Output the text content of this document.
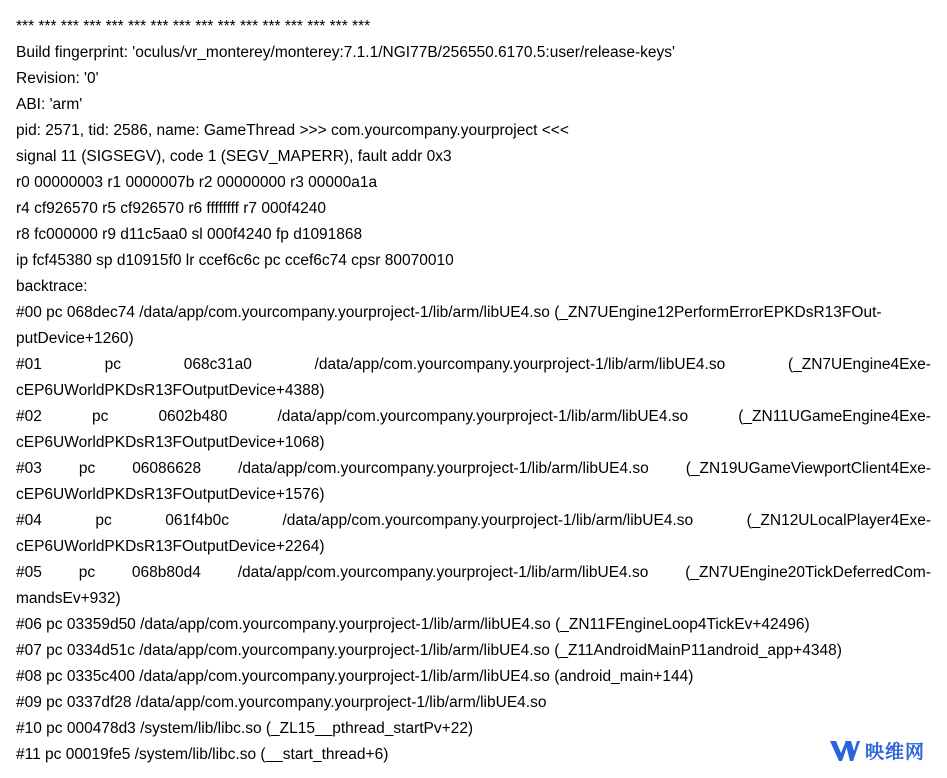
*** *** *** *** *** *** *** *** *** *** *** *** *** *** *** ***
Build fingerprint: 'oculus/vr_monterey/monterey:7.1.1/NGI77B/256550.6170.5:user/release-keys'
Revision: '0'
ABI: 'arm'
pid: 2571, tid: 2586, name: GameThread >>> com.yourcompany.yourproject <<<
signal 11 (SIGSEGV), code 1 (SEGV_MAPERR), fault addr 0x3
r0 00000003 r1 0000007b r2 00000000 r3 00000a1a
r4 cf926570 r5 cf926570 r6 ffffffff r7 000f4240
r8 fc000000 r9 d11c5aa0 sl 000f4240 fp d1091868
ip fcf45380 sp d10915f0 lr ccef6c6c pc ccef6c74 cpsr 80070010
backtrace:
#00 pc 068dec74 /data/app/com.yourcompany.yourproject-1/lib/arm/libUE4.so (_ZN7UEngine12PerformErrorEPKDsR13FOut-
putDevice+1260)
#01	pc	068c31a0	/data/app/com.yourcompany.yourproject-1/lib/arm/libUE4.so	(_ZN7UEngine4Exe-
cEP6UWorldPKDsR13FOutputDevice+4388)
#02	pc	0602b480	/data/app/com.yourcompany.yourproject-1/lib/arm/libUE4.so	(_ZN11UGameEngine4Exe-
cEP6UWorldPKDsR13FOutputDevice+1068)
#03 pc 06086628 /data/app/com.yourcompany.yourproject-1/lib/arm/libUE4.so (_ZN19UGameViewportClient4Exe-
cEP6UWorldPKDsR13FOutputDevice+1576)
#04	pc	061f4b0c	/data/app/com.yourcompany.yourproject-1/lib/arm/libUE4.so	(_ZN12ULocalPlayer4Exe-
cEP6UWorldPKDsR13FOutputDevice+2264)
#05 pc 068b80d4 /data/app/com.yourcompany.yourproject-1/lib/arm/libUE4.so (_ZN7UEngine20TickDeferredCom-
mandsEv+932)
#06 pc 03359d50 /data/app/com.yourcompany.yourproject-1/lib/arm/libUE4.so (_ZN11FEngineLoop4TickEv+42496)
#07 pc 0334d51c /data/app/com.yourcompany.yourproject-1/lib/arm/libUE4.so (_Z11AndroidMainP11android_app+4348)
#08 pc 0335c400 /data/app/com.yourcompany.yourproject-1/lib/arm/libUE4.so (android_main+144)
#09 pc 0337df28 /data/app/com.yourcompany.yourproject-1/lib/arm/libUE4.so
#10 pc 000478d3 /system/lib/libc.so (_ZL15__pthread_startPv+22)
#11 pc 00019fe5 /system/lib/libc.so (__start_thread+6)	映维网
